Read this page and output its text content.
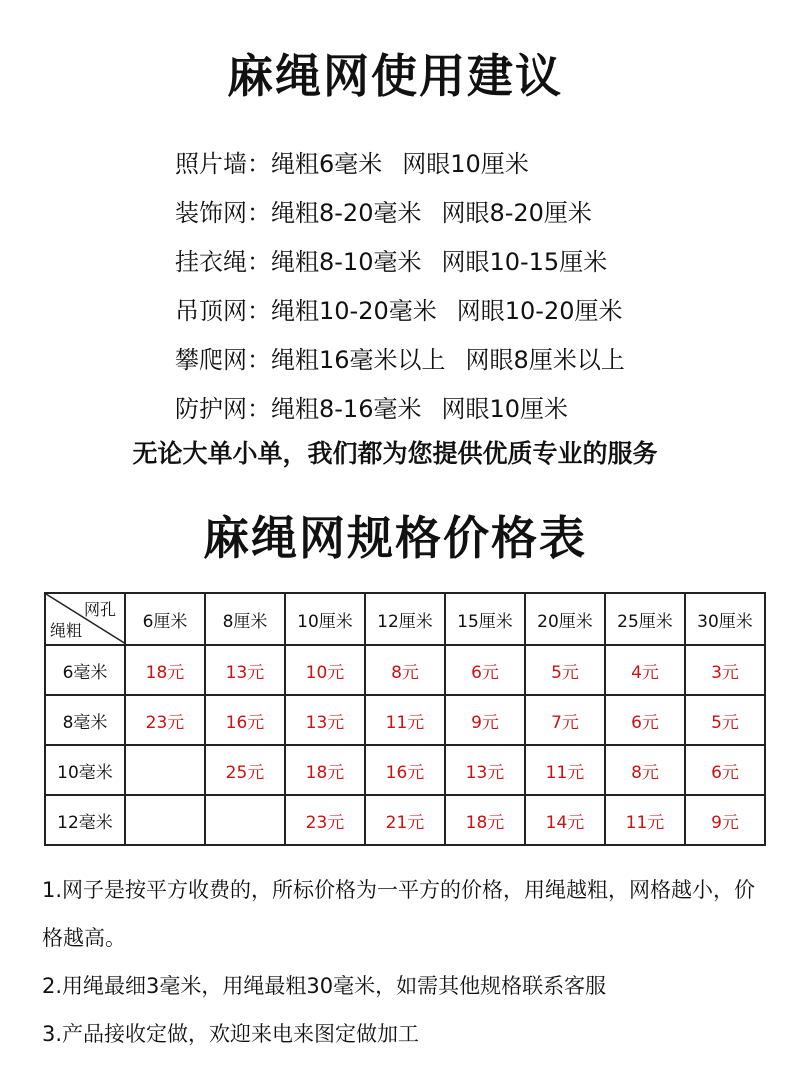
麻绳网使用建议
照片墙：绳粗6毫米 网眼10厘米
装饰网：绳粗8-20毫米 网眼8-20厘米
挂衣绳：绳粗8-10毫米 网眼10-15厘米
吊顶网：绳粗10-20毫米 网眼10-20厘米
攀爬网：绳粗16毫米以上 网眼8厘米以上
防护网：绳粗8-16毫米 网眼10厘米
无论大单小单，我们都为您提供优质专业的服务
麻绳网规格价格表
网孔
绳粗	6厘米	8厘米	10厘米	12厘米	15厘米	20厘米	25厘米	30厘米
6毫米	18元	13元	10元	8元	6元	5元	4元	3元
8毫米	23元	16元	13元	11元	9元	7元	6元	5元
10毫米		25元	18元	16元	13元	11元	8元	6元
12毫米			23元	21元	18元	14元	11元	9元

1.网子是按平方收费的，所标价格为一平方的价格，用绳越粗，网格越小，价格越高。

2.用绳最细3毫米，用绳最粗30毫米，如需其他规格联系客服

3.产品接收定做，欢迎来电来图定做加工
